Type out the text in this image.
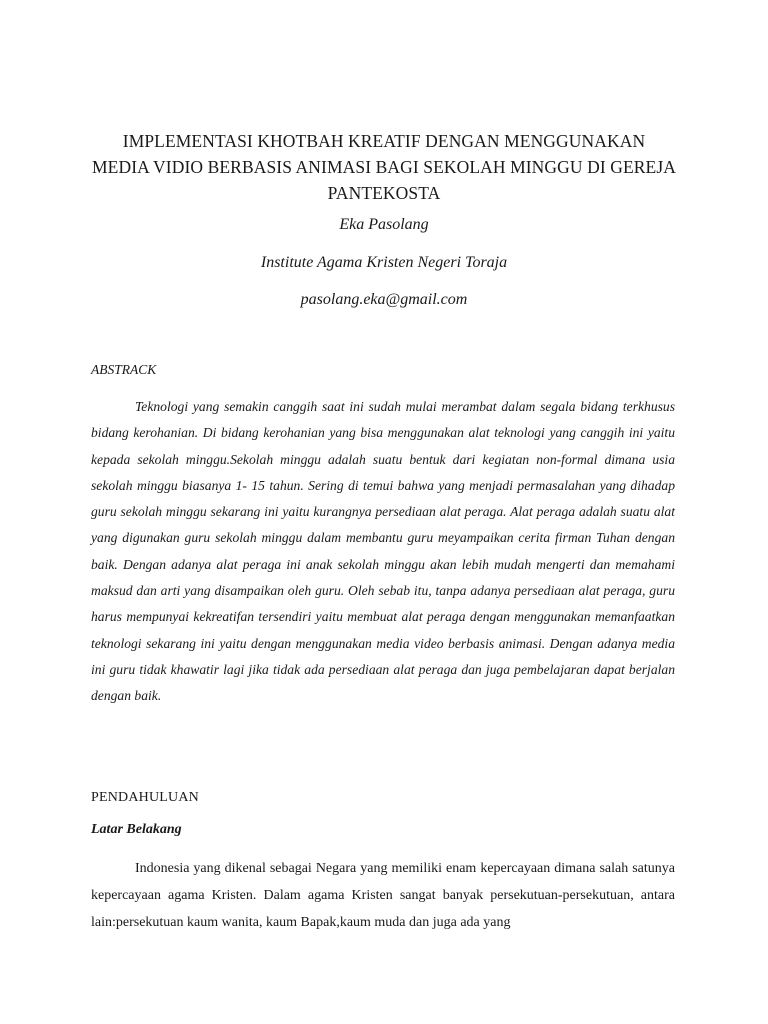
IMPLEMENTASI KHOTBAH KREATIF DENGAN MENGGUNAKAN
MEDIA VIDIO BERBASIS ANIMASI BAGI SEKOLAH MINGGU DI GEREJA
PANTEKOSTA

Eka Pasolang

Institute Agama Kristen Negeri Toraja

pasolang.eka@gmail.com

ABSTRACK

Teknologi yang semakin canggih saat ini sudah mulai merambat dalam segala bidang terkhusus bidang kerohanian. Di bidang kerohanian yang bisa menggunakan alat teknologi yang canggih ini yaitu kepada sekolah minggu.Sekolah minggu adalah suatu bentuk dari kegiatan non-formal dimana usia sekolah minggu biasanya 1- 15 tahun. Sering di temui bahwa yang menjadi permasalahan yang dihadap guru sekolah minggu sekarang ini yaitu kurangnya persediaan alat peraga. Alat peraga adalah suatu alat yang digunakan guru sekolah minggu dalam membantu guru meyampaikan cerita firman Tuhan dengan baik. Dengan adanya alat peraga ini anak sekolah minggu akan lebih mudah mengerti dan memahami maksud dan arti yang disampaikan oleh guru. Oleh sebab itu, tanpa adanya persediaan alat peraga, guru harus mempunyai kekreatifan tersendiri yaitu membuat alat peraga dengan menggunakan memanfaatkan teknologi sekarang ini yaitu dengan menggunakan media video berbasis animasi. Dengan adanya media ini guru tidak khawatir lagi jika tidak ada persediaan alat peraga dan juga pembelajaran dapat berjalan dengan baik.

PENDAHULUAN

Latar Belakang

Indonesia yang dikenal sebagai Negara yang memiliki enam kepercayaan dimana salah satunya kepercayaan agama Kristen. Dalam agama Kristen sangat banyak persekutuan-persekutuan, antara lain:persekutuan kaum wanita, kaum Bapak,kaum muda dan juga ada yang
